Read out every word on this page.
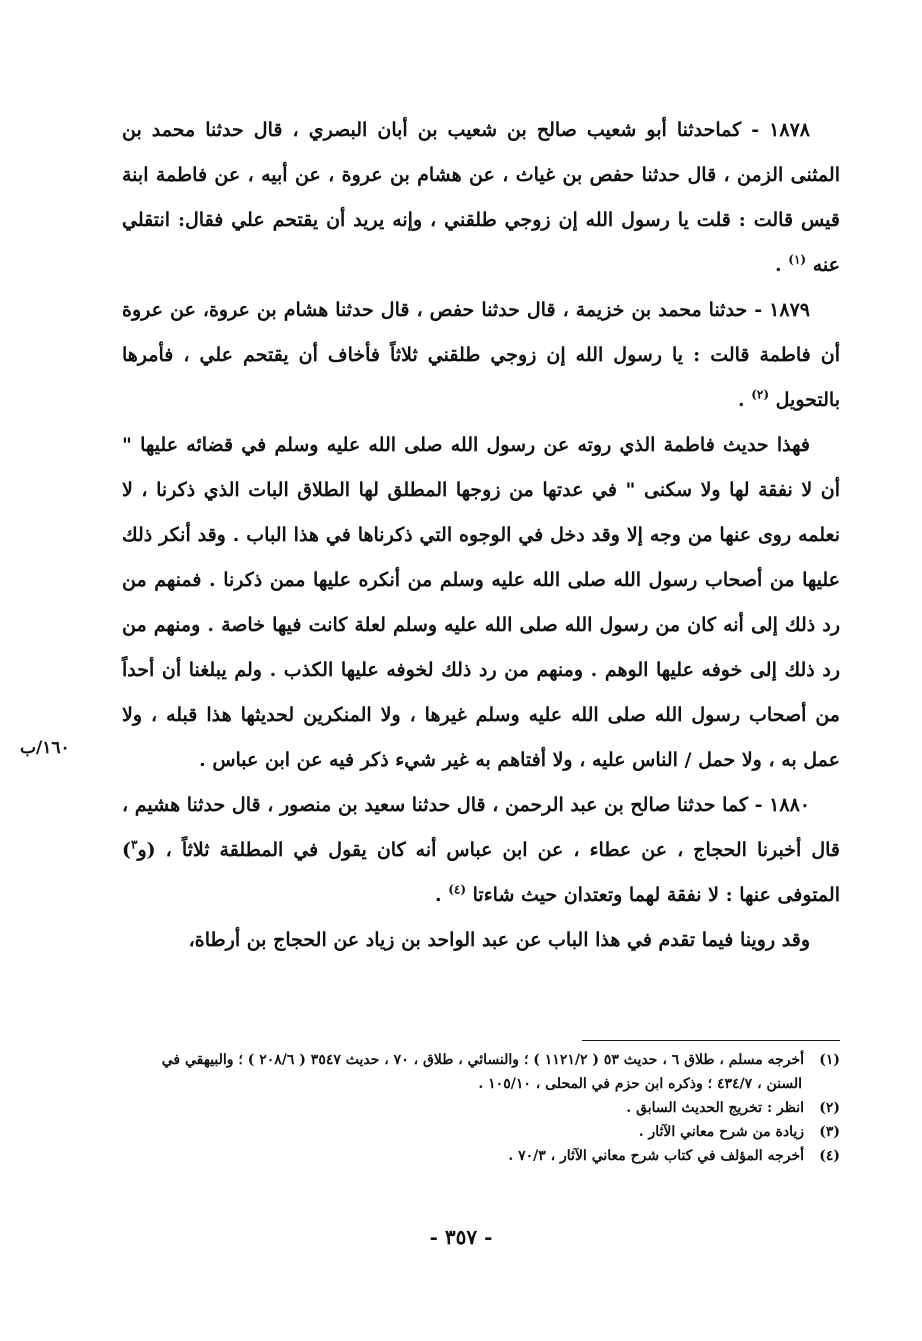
١٨٧٨ - كماحدثنا أبو شعيب صالح بن شعيب بن أبان البصري ، قال حدثنا محمد بن المثنى الزمن ، قال حدثنا حفص بن غياث ، عن هشام بن عروة ، عن أبيه ، عن فاطمة ابنة قيس قالت : قلت يا رسول الله إن زوجي طلقني ، وإنه يريد أن يقتحم علي فقال: انتقلي عنه $^{(١)}$ .

١٨٧٩ - حدثنا محمد بن خزيمة ، قال حدثنا حفص ، قال حدثنا هشام بن عروة، عن عروة أن فاطمة قالت : يا رسول الله إن زوجي طلقني ثلاثاً فأخاف أن يقتحم علي ، فأمرها بالتحويل $^{(٢)}$ .

فهذا حديث فاطمة الذي روته عن رسول الله صلى الله عليه وسلم في قضائه عليها " أن لا نفقة لها ولا سكنى " في عدتها من زوجها المطلق لها الطلاق البات الذي ذكرنا ، لا نعلمه روى عنها من وجه إلا وقد دخل في الوجوه التي ذكرناها في هذا الباب . وقد أنكر ذلك عليها من أصحاب رسول الله صلى الله عليه وسلم من أنكره عليها ممن ذكرنا . فمنهم من رد ذلك إلى أنه كان من رسول الله صلى الله عليه وسلم لعلة كانت فيها خاصة . ومنهم من رد ذلك إلى خوفه عليها الوهم . ومنهم من رد ذلك لخوفه عليها الكذب . ولم يبلغنا أن أحداً من أصحاب رسول الله صلى الله عليه وسلم غيرها ، ولا المنكرين لحديثها هذا قبله ، ولا عمل به ، ولا حمل / الناس عليه ، ولا أفتاهم به غير شيء ذكر فيه عن ابن عباس .

١٨٨٠ - كما حدثنا صالح بن عبد الرحمن ، قال حدثنا سعيد بن منصور ، قال حدثنا هشيم ، قال أخبرنا الحجاج ، عن عطاء ، عن ابن عباس أنه كان يقول في المطلقة ثلاثاً ، (و$^٣$) المتوفى عنها : لا نفقة لهما وتعتدان حيث شاءتا $^{(٤)}$ .

وقد روينا فيما تقدم في هذا الباب عن عبد الواحد بن زياد عن الحجاج بن أرطاة،

١٦٠/ب

(١)أخرجه مسلم ، طلاق ٦ ، حديث ٥٣ ( ١١٢١/٢ ) ؛ والنسائي ، طلاق ، ٧٠ ، حديث ٣٥٤٧ ( ٢٠٨/٦ ) ؛ والبيهقي في السنن ، ٤٣٤/٧ ؛ وذكره ابن حزم في المحلى ، ١٠٥/١٠ .

(٢)انظر : تخريج الحديث السابق .

(٣)زيادة من شرح معاني الآثار .

(٤)أخرجه المؤلف في كتاب شرح معاني الآثار ، ٧٠/٣ .

- ٣٥٧ -
